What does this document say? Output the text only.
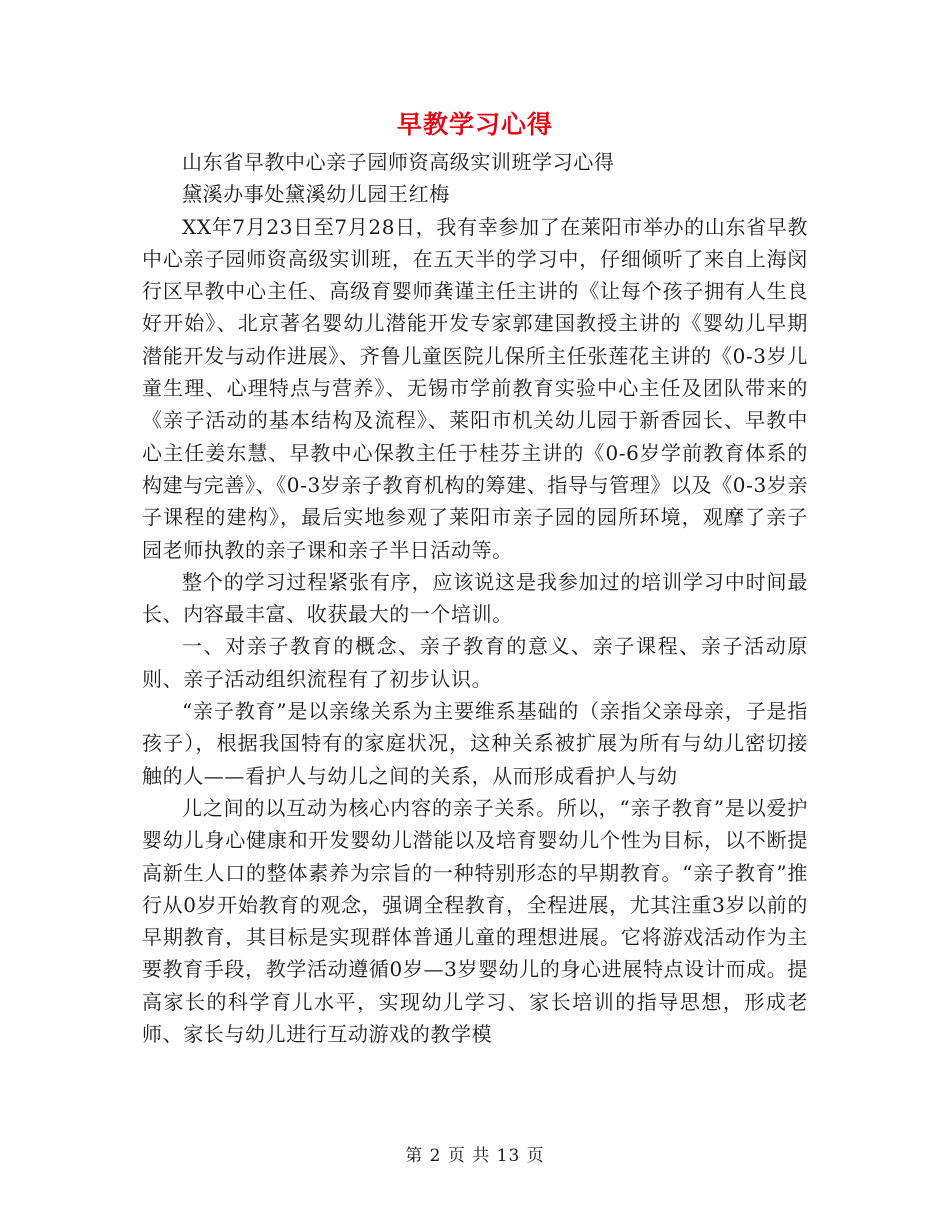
早教学习心得

山东省早教中心亲子园师资高级实训班学习心得

黛溪办事处黛溪幼儿园王红梅

XX年7月23日至7月28日，我有幸参加了在莱阳市举办的山东省早教中心亲子园师资高级实训班，在五天半的学习中，仔细倾听了来自上海闵行区早教中心主任、高级育婴师龚谨主任主讲的《让每个孩子拥有人生良好开始》、北京著名婴幼儿潜能开发专家郭建国教授主讲的《婴幼儿早期潜能开发与动作进展》、齐鲁儿童医院儿保所主任张莲花主讲的《0-3岁儿童生理、心理特点与营养》、无锡市学前教育实验中心主任及团队带来的《亲子活动的基本结构及流程》、莱阳市机关幼儿园于新香园长、早教中心主任姜东慧、早教中心保教主任于桂芬主讲的《0-6岁学前教育体系的构建与完善》、《0-3岁亲子教育机构的筹建、指导与管理》以及《0-3岁亲子课程的建构》，最后实地参观了莱阳市亲子园的园所环境，观摩了亲子园老师执教的亲子课和亲子半日活动等。

整个的学习过程紧张有序，应该说这是我参加过的培训学习中时间最长、内容最丰富、收获最大的一个培训。

一、对亲子教育的概念、亲子教育的意义、亲子课程、亲子活动原则、亲子活动组织流程有了初步认识。

“亲子教育”是以亲缘关系为主要维系基础的（亲指父亲母亲，子是指孩子），根据我国特有的家庭状况，这种关系被扩展为所有与幼儿密切接触的人——看护人与幼儿之间的关系，从而形成看护人与幼

儿之间的以互动为核心内容的亲子关系。所以，“亲子教育”是以爱护婴幼儿身心健康和开发婴幼儿潜能以及培育婴幼儿个性为目标，以不断提高新生人口的整体素养为宗旨的一种特别形态的早期教育。“亲子教育”推行从0岁开始教育的观念，强调全程教育，全程进展，尤其注重3岁以前的早期教育，其目标是实现群体普通儿童的理想进展。它将游戏活动作为主要教育手段，教学活动遵循0岁—3岁婴幼儿的身心进展特点设计而成。提高家长的科学育儿水平，实现幼儿学习、家长培训的指导思想，形成老师、家长与幼儿进行互动游戏的教学模

第 2 页 共 13 页
